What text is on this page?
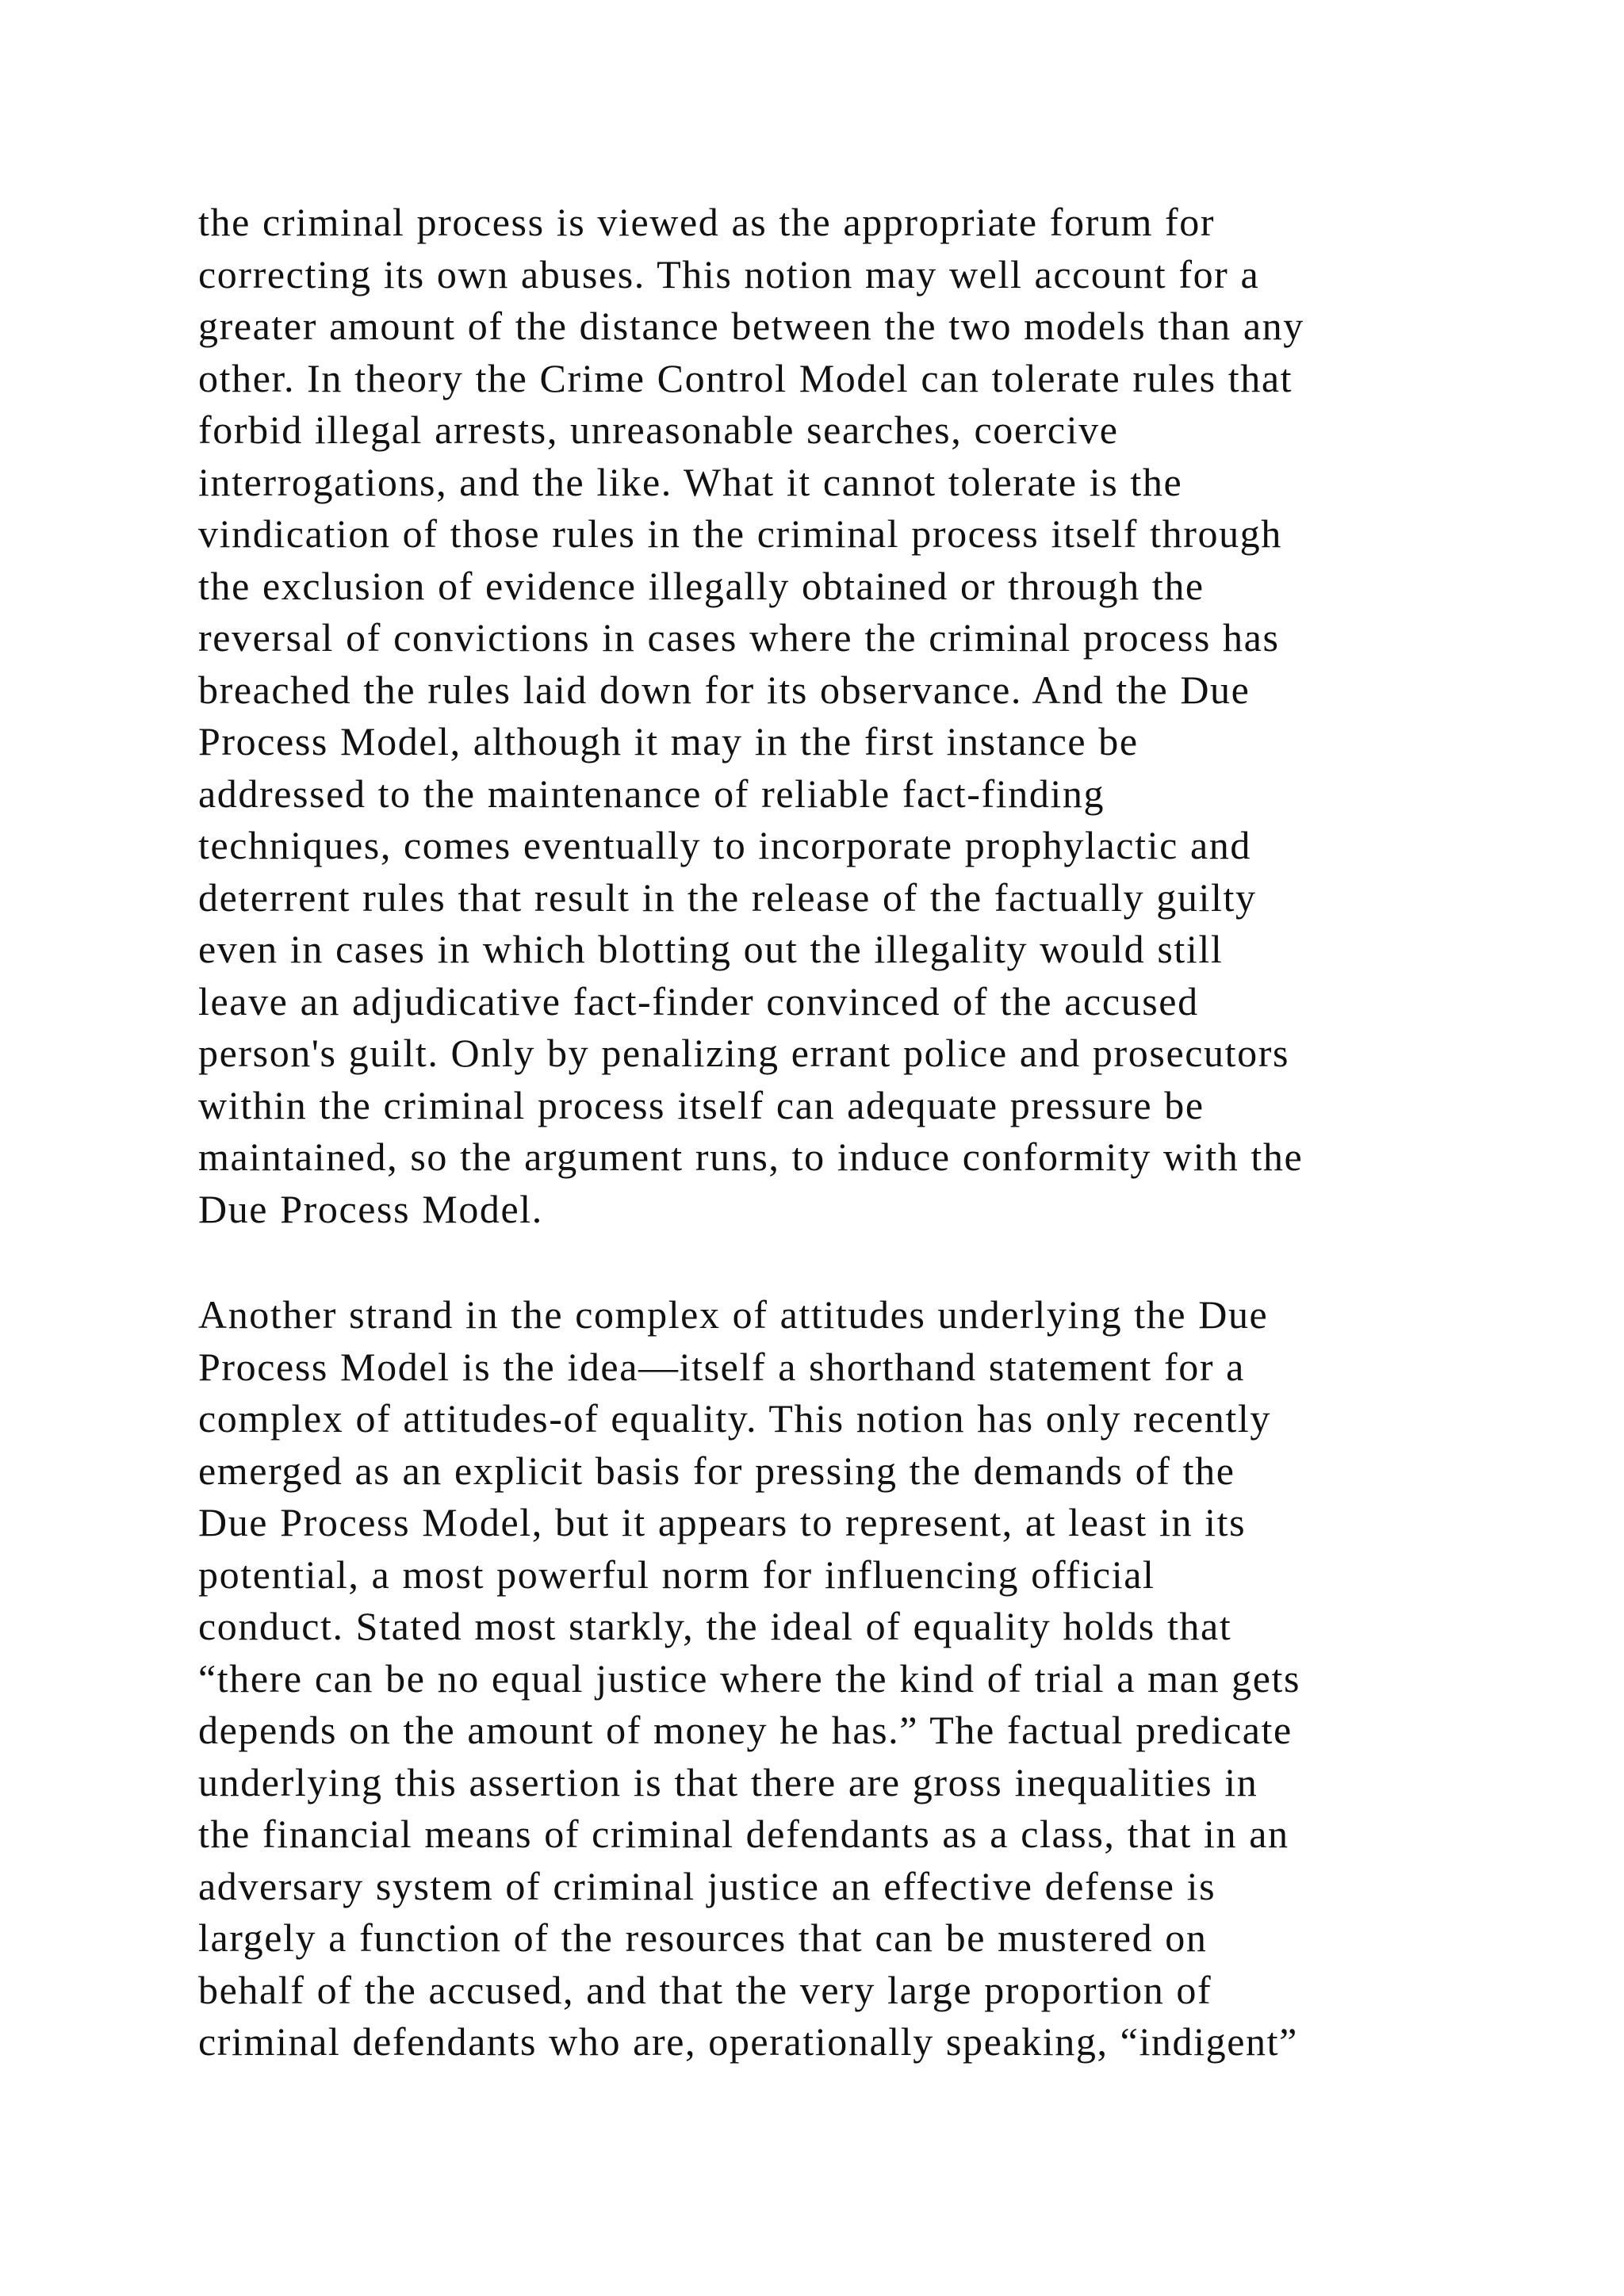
the criminal process is viewed as the appropriate forum for
correcting its own abuses. This notion may well account for a
greater amount of the distance between the two models than any
other. In theory the Crime Control Model can tolerate rules that
forbid illegal arrests, unreasonable searches, coercive
interrogations, and the like. What it cannot tolerate is the
vindication of those rules in the criminal process itself through
the exclusion of evidence illegally obtained or through the
reversal of convictions in cases where the criminal process has
breached the rules laid down for its observance. And the Due
Process Model, although it may in the first instance be
addressed to the maintenance of reliable fact-finding
techniques, comes eventually to incorporate prophylactic and
deterrent rules that result in the release of the factually guilty
even in cases in which blotting out the illegality would still
leave an adjudicative fact-finder convinced of the accused
person's guilt. Only by penalizing errant police and prosecutors
within the criminal process itself can adequate pressure be
maintained, so the argument runs, to induce conformity with the
Due Process Model.
Another strand in the complex of attitudes underlying the Due
Process Model is the idea—itself a shorthand statement for a
complex of attitudes-of equality. This notion has only recently
emerged as an explicit basis for pressing the demands of the
Due Process Model, but it appears to represent, at least in its
potential, a most powerful norm for influencing official
conduct. Stated most starkly, the ideal of equality holds that
“there can be no equal justice where the kind of trial a man gets
depends on the amount of money he has.” The factual predicate
underlying this assertion is that there are gross inequalities in
the financial means of criminal defendants as a class, that in an
adversary system of criminal justice an effective defense is
largely a function of the resources that can be mustered on
behalf of the accused, and that the very large proportion of
criminal defendants who are, operationally speaking, “indigent”
